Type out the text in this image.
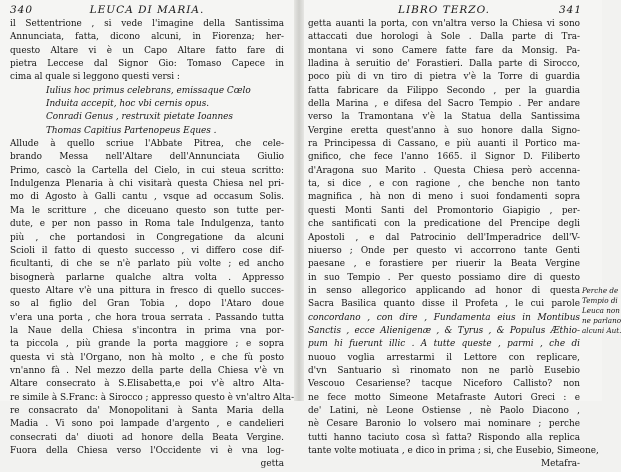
340	LEUCA DI MARIA.
il Settentrione , si vede l'imagine della Santissima
Annunciata, fatta, dicono alcuni, in Fiorenza; her-
questo Altare vi è un Capo Altare fatto fare di
pietra Leccese dal Signor Gio: Tomaso Capece in
cima al quale si leggono questi versi :
Iulius hoc primus celebrans, emissaque Cœlo
Induita accepit, hoc vbi cernis opus.
Conradi Genus , restruxit pietate Ioannes
Thomas Capitius Partenopeus Eques .
Allude à quello scriue l'Abbate Pitrea, che cele-
brando Messa nell'Altare dell'Annunciata Giulio
Primo, cascò la Cartella del Cielo, in cui steua scritto:
Indulgenza Plenaria à chi visitarà questa Chiesa nel pri-
mo di Agosto à Galli cantu , vsque ad occasum Solis.
Ma le scritture , che diceuano questo son tutte per-
dute, e per non passo in Roma tale Indulgenza, tanto
più , che portandosi in Congregatione da alcuni
Scioli il fatto di questo successo , vi differo cose dif-
ficultanti, di che se n'è parlato più volte ; ed ancho
bisognerà parlarne qualche altra volta . Appresso
questo Altare v'è una pittura in fresco di quello succes-
so al figlio del Gran Tobia , dopo l'Ataro doue
v'era una porta , che hora troua serrata . Passando tutta
la Naue della Chiesa s'incontra in prima vna por-
ta piccola , più grande la porta maggiore ; e sopra
questa vi stà l'Organo, non hà molto , e che fù posto
vn'anno fà . Nel mezzo della parte della Chiesa v'è vn
Altare consecrato à S.Elisabetta,e poi v'è altro Alta-
re simile à S.Franc: à Sirocco ; appresso questo è vn'altro Alta-
re consacrato da' Monopolitani à Santa Maria della
Madia . Vi sono poi lampade d'argento , e candelieri
consecrati da' diuoti ad honore della Beata Vergine.
Fuora della Chiesa verso l'Occidente vi è vna log-
getta
LIBRO TERZO.	341
getta auanti la porta, con vn'altra verso la Chiesa vi sono
attaccati due horologi à Sole . Dalla parte di Tra-
montana vi sono Camere fatte fare da Monsig. Pa-
lladina à seruitio de' Forastieri. Dalla parte di Sirocco,
poco più di vn tiro di pietra v'è la Torre di guardia
fatta fabricare da Filippo Secondo , per la guardia
della Marina , e difesa del Sacro Tempio . Per andare
verso la Tramontana v'è la Statua della Santissima
Vergine eretta quest'anno à suo honore dalla Signo-
ra Principessa di Cassano, e più auanti il Portico ma-
gnifico, che fece l'anno 1665. il Signor D. Filiberto
d'Aragona suo Marito . Questa Chiesa però accenna-
ta, si dice , e con ragione , che benche non tanto
magnifica , hà non di meno i suoi fondamenti sopra
questi Monti Santi del Promontorio Giapigio , per-
che santificati con la predicatione del Prencipe degli
Apostoli , e dal Patrocinio dell'Imperadrice dell'V-
niuerso ; Onde per questo vi accorrono tante Genti
paesane , e forastiere per riuerir la Beata Vergine
in suo Tempio . Per questo possiamo dire di questo
in senso allegorico applicando ad honor di questa
Sacra Basilica quanto disse il Profeta , le cui parole
concordano , con dire , Fundamenta eius in Montibus
Sanctis , ecce Alienigenæ , & Tyrus , & Populus Æthio-
pum hi fuerunt illic . A tutte queste , parmi , che di
nuouo voglia arrestarmi il Lettore con replicare,
d'vn Santuario sì rinomato non ne parlò Eusebio
Vescouo Cesariense? tacque Niceforo Callisto? non
ne fece motto Simeone Metafraste Autori Greci : e
de' Latini, nè Leone Ostiense , nè Paolo Diacono ,
nè Cesare Baronio lo volsero mai nominare ; perche
tutti hanno taciuto cosa sì fatta? Rispondo alla replica
tante volte motiuata , e dico in prima ; si, che Eusebio, Simeone,
Metafra-
Perche de
Tempio di
Leuca non
ne parlano
alcuni Aut.
